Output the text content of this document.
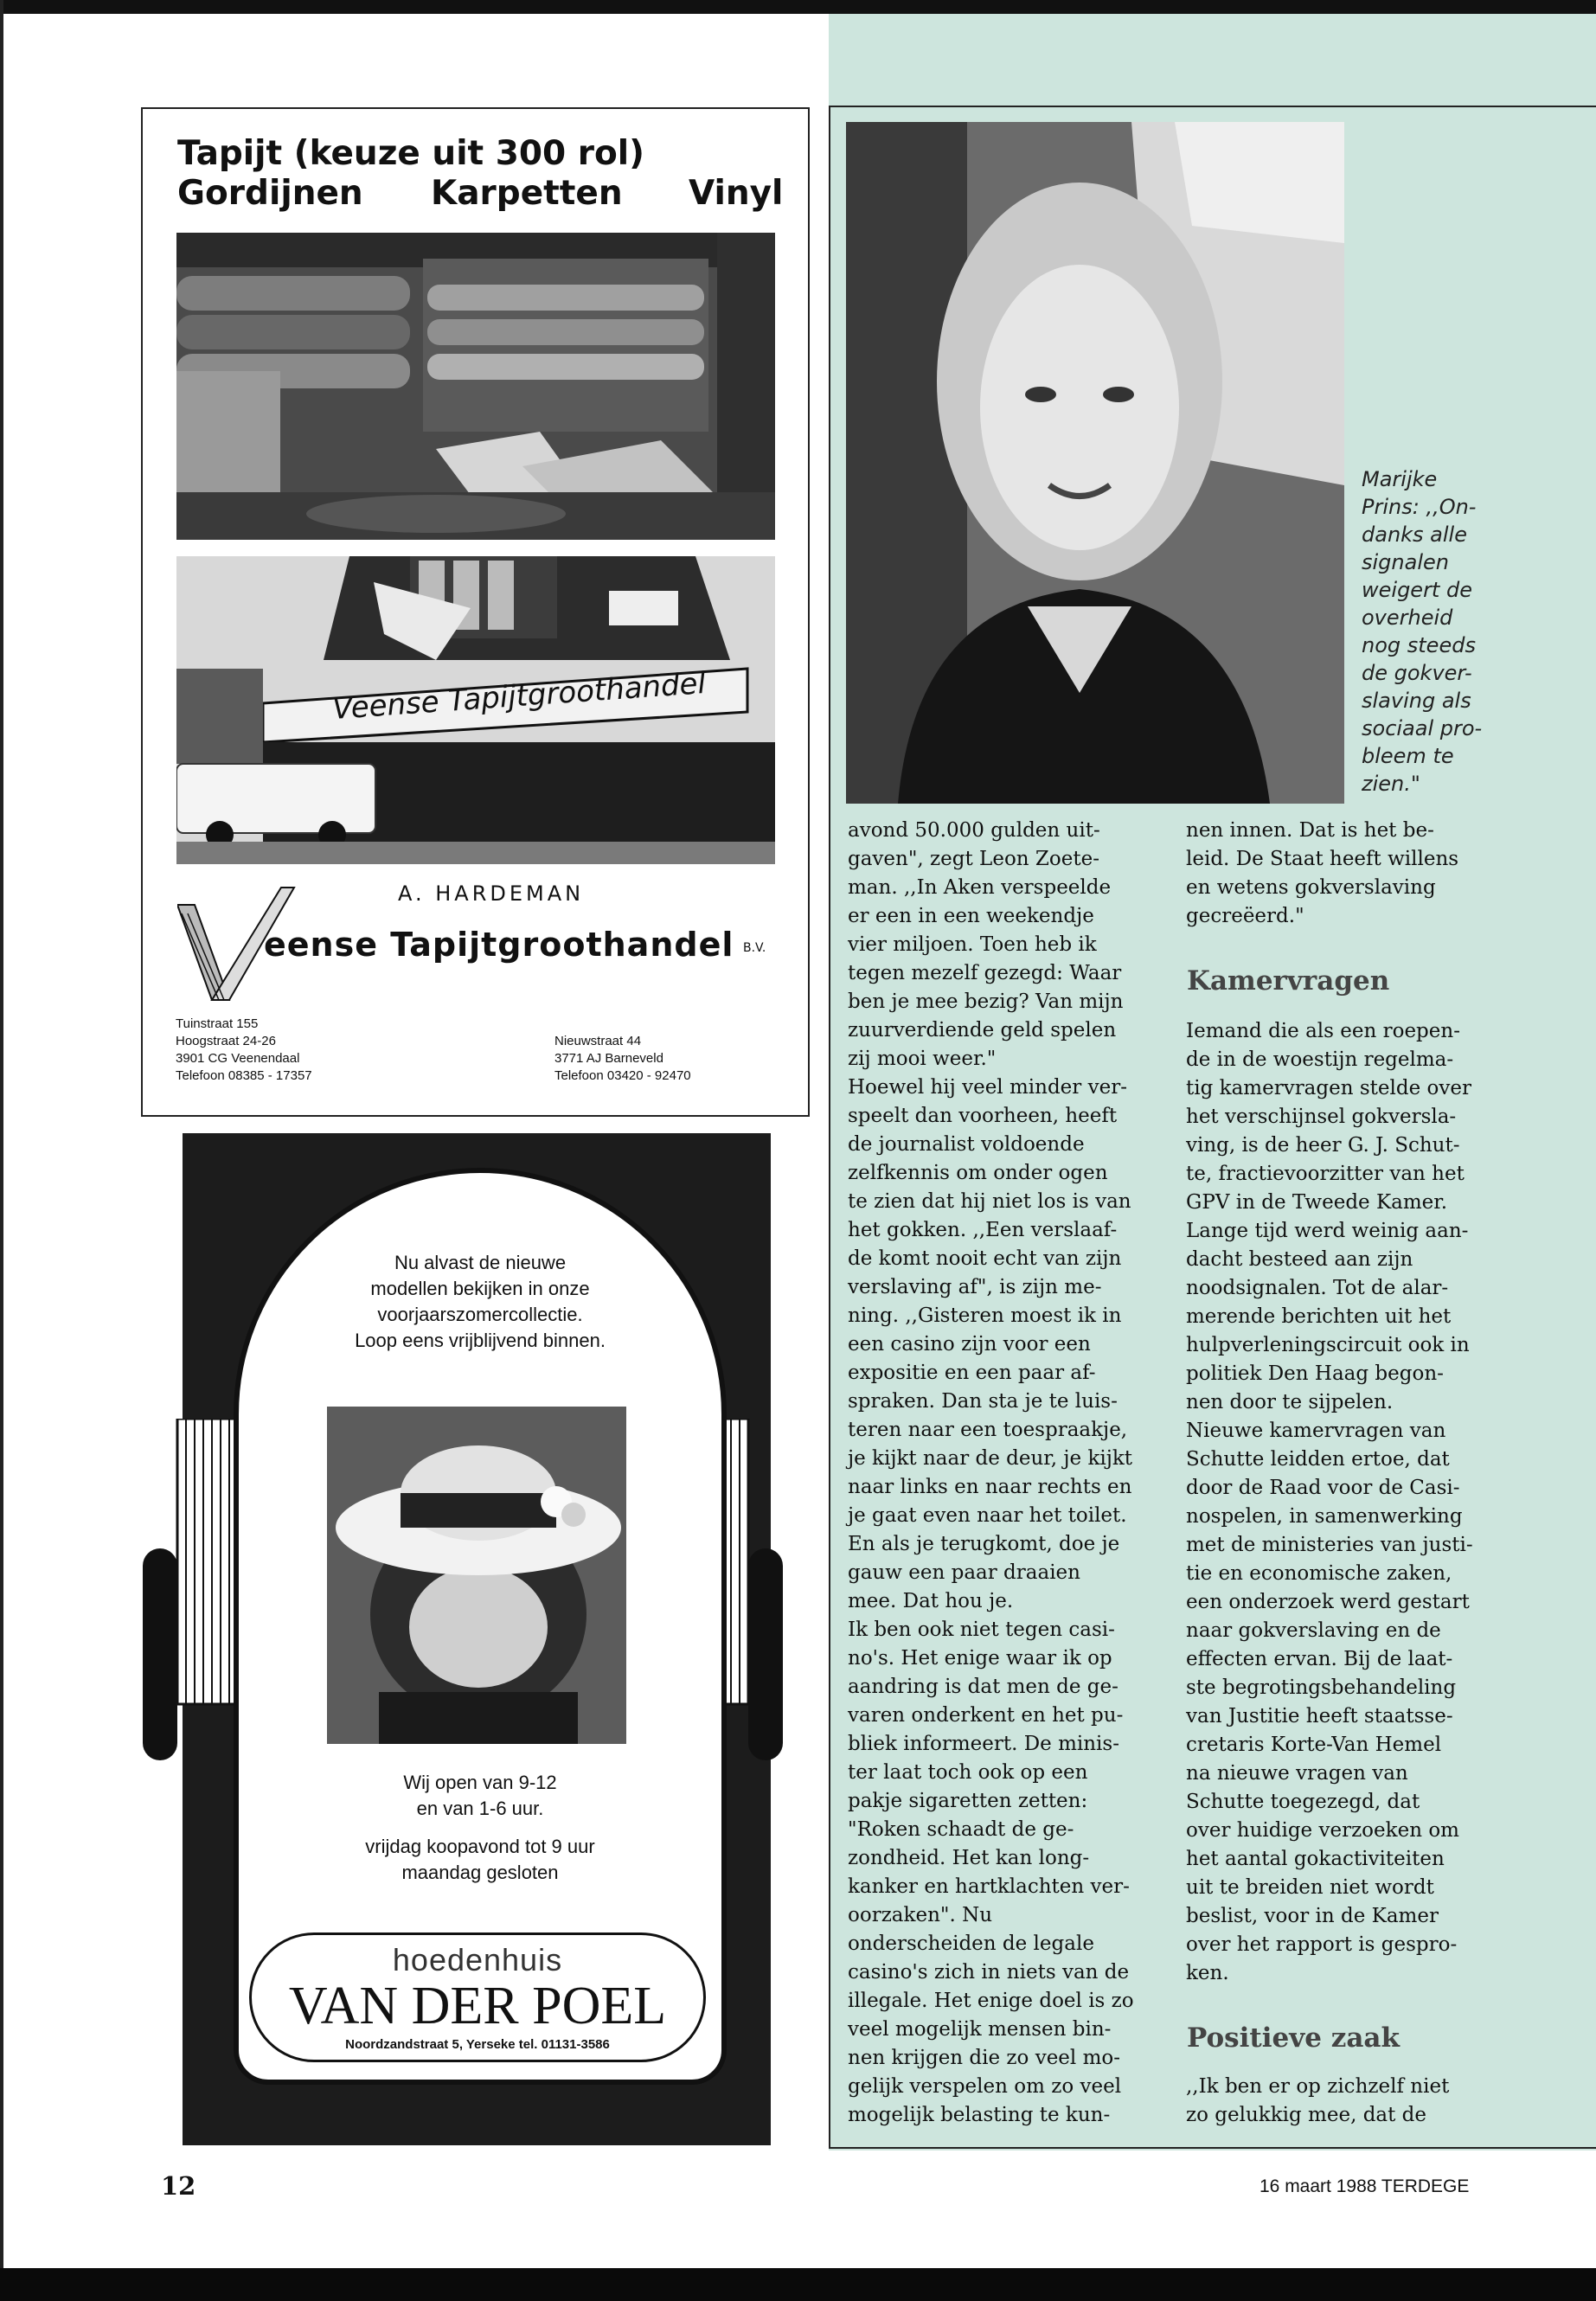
Tapijt (keuze uit 300 rol)
Gordijnen Karpetten Vinyl
Veense Tapijtgroothandel
A. HARDEMAN
eense Tapijtgroothandel B.V.
Tuinstraat 155
Hoogstraat 24-26
3901 CG Veenendaal
Telefoon 08385 - 17357
Nieuwstraat 44
3771 AJ Barneveld
Telefoon 03420 - 92470
Nu alvast de nieuwe
modellen bekijken in onze
voorjaarszomercollectie.
Loop eens vrijblijvend binnen.
Wij open van 9-12
en van 1-6 uur.
vrijdag koopavond tot 9 uur
maandag gesloten
hoedenhuis
VAN DER POEL
Noordzandstraat 5, Yerseke tel. 01131-3586
Marijke
Prins: ,,On-
danks alle
signalen
weigert de
overheid
nog steeds
de gokver-
slaving als
sociaal pro-
bleem te
zien."

avond 50.000 gulden uit-

gaven", zegt Leon Zoete-

man. ,,In Aken verspeelde

er een in een weekendje

vier miljoen. Toen heb ik

tegen mezelf gezegd: Waar

ben je mee bezig? Van mijn

zuurverdiende geld spelen

zij mooi weer."

Hoewel hij veel minder ver-

speelt dan voorheen, heeft

de journalist voldoende

zelfkennis om onder ogen

te zien dat hij niet los is van

het gokken. ,,Een verslaaf-

de komt nooit echt van zijn

verslaving af", is zijn me-

ning. ,,Gisteren moest ik in

een casino zijn voor een

expositie en een paar af-

spraken. Dan sta je te luis-

teren naar een toespraakje,

je kijkt naar de deur, je kijkt

naar links en naar rechts en

je gaat even naar het toilet.

En als je terugkomt, doe je

gauw een paar draaien

mee. Dat hou je.

Ik ben ook niet tegen casi-

no's. Het enige waar ik op

aandring is dat men de ge-

varen onderkent en het pu-

bliek informeert. De minis-

ter laat toch ook op een

pakje sigaretten zetten:

"Roken schaadt de ge-

zondheid. Het kan long-

kanker en hartklachten ver-

oorzaken". Nu

onderscheiden de legale

casino's zich in niets van de

illegale. Het enige doel is zo

veel mogelijk mensen bin-

nen krijgen die zo veel mo-

gelijk verspelen om zo veel

mogelijk belasting te kun-

nen innen. Dat is het be-

leid. De Staat heeft willens

en wetens gokverslaving

gecreëerd."

Kamervragen

Iemand die als een roepen-

de in de woestijn regelma-

tig kamervragen stelde over

het verschijnsel gokversla-

ving, is de heer G. J. Schut-

te, fractievoorzitter van het

GPV in de Tweede Kamer.

Lange tijd werd weinig aan-

dacht besteed aan zijn

noodsignalen. Tot de alar-

merende berichten uit het

hulpverleningscircuit ook in

politiek Den Haag begon-

nen door te sijpelen.

Nieuwe kamervragen van

Schutte leidden ertoe, dat

door de Raad voor de Casi-

nospelen, in samenwerking

met de ministeries van justi-

tie en economische zaken,

een onderzoek werd gestart

naar gokverslaving en de

effecten ervan. Bij de laat-

ste begrotingsbehandeling

van Justitie heeft staatsse-

cretaris Korte-Van Hemel

na nieuwe vragen van

Schutte toegezegd, dat

over huidige verzoeken om

het aantal gokactiviteiten

uit te breiden niet wordt

beslist, voor in de Kamer

over het rapport is gespro-

ken.

Positieve zaak

,,Ik ben er op zichzelf niet

zo gelukkig mee, dat de

12	16 maart 1988 TERDEGE
